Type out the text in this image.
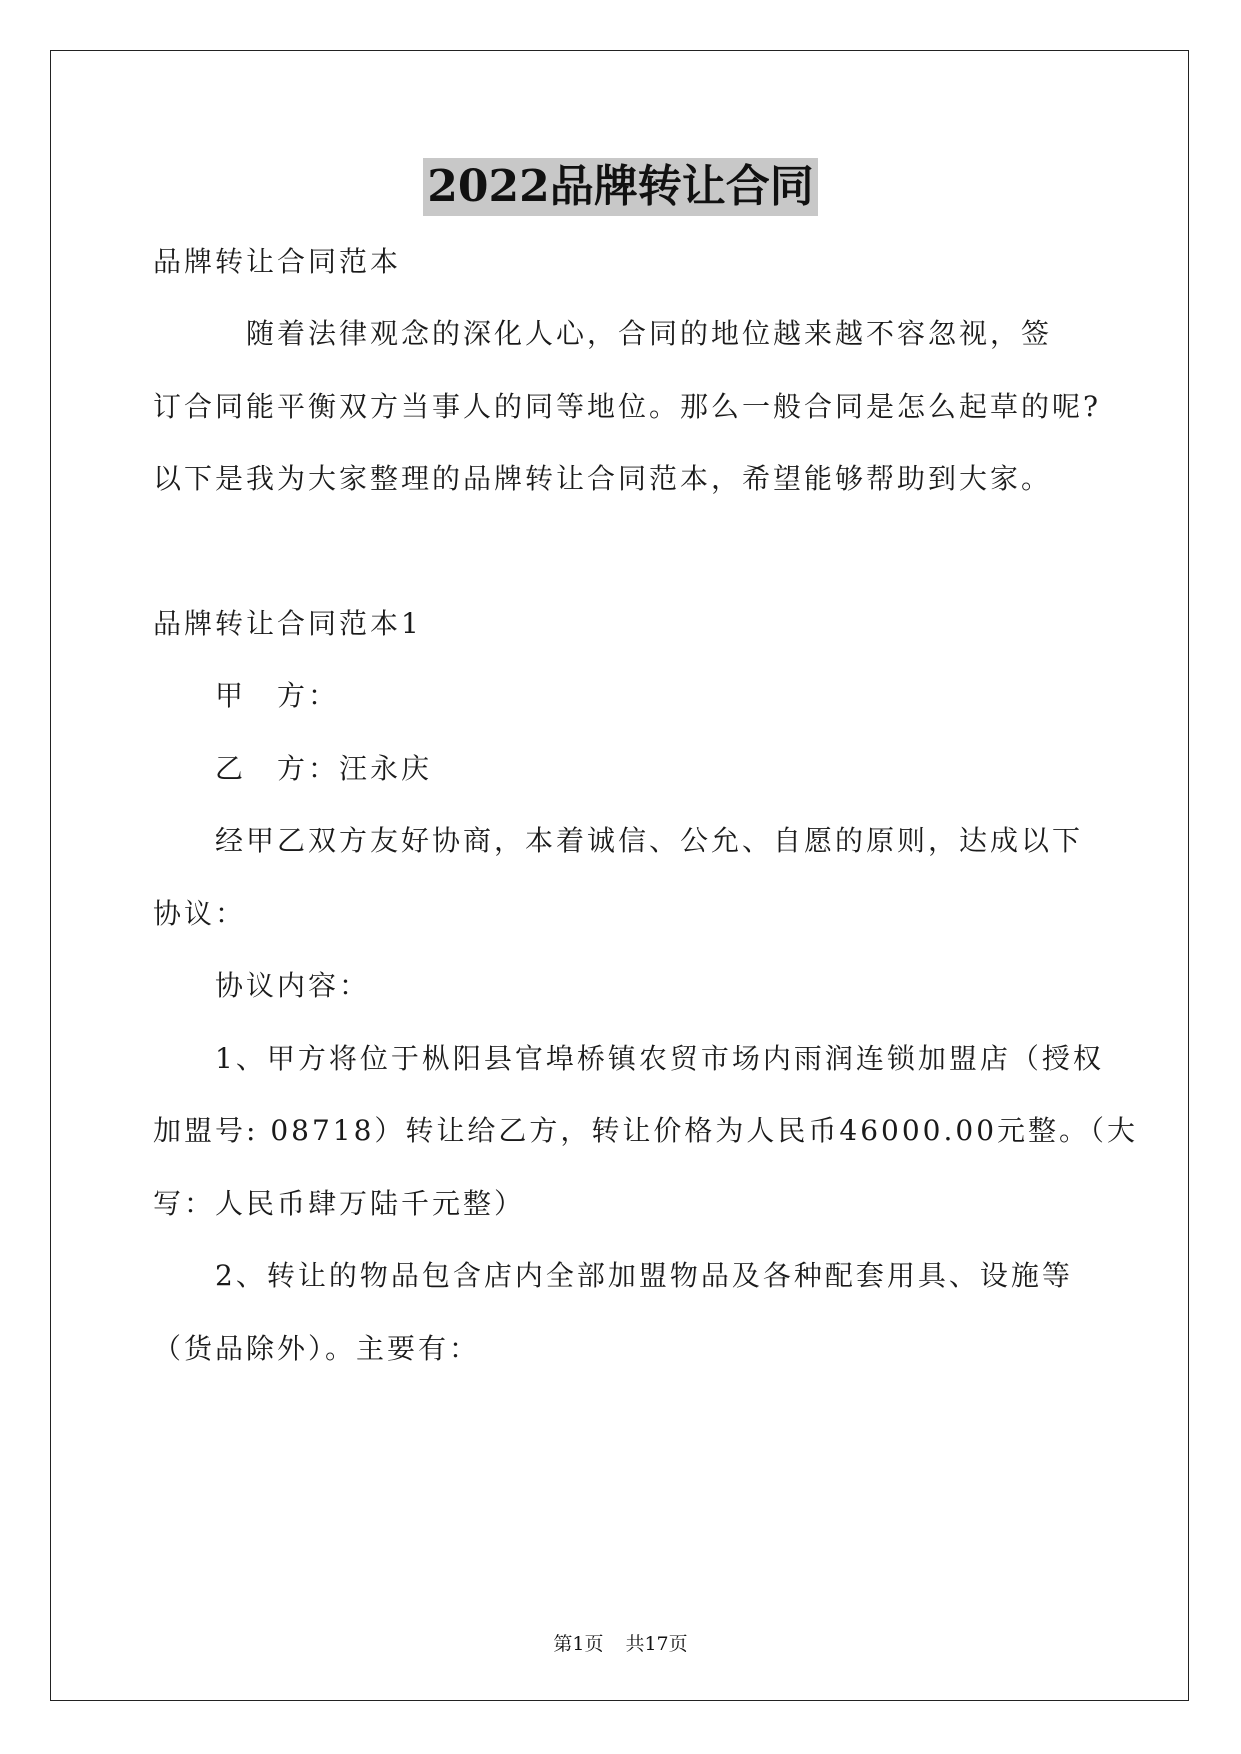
2022品牌转让合同
品牌转让合同范本
　　　随着法律观念的深化人心，合同的地位越来越不容忽视，签
订合同能平衡双方当事人的同等地位。那么一般合同是怎么起草的呢?
以下是我为大家整理的品牌转让合同范本，希望能够帮助到大家。
品牌转让合同范本1
　　甲　方：
　　乙　方：汪永庆
　　经甲乙双方友好协商，本着诚信、公允、自愿的原则，达成以下
协议：
　　协议内容：
　　1、甲方将位于枞阳县官埠桥镇农贸市场内雨润连锁加盟店（授权
加盟号: 08718）转让给乙方，转让价格为人民币46000.00元整。（大
写：人民币肆万陆千元整）
　　2、转让的物品包含店内全部加盟物品及各种配套用具、设施等
（货品除外）。主要有：
第1页 共17页
